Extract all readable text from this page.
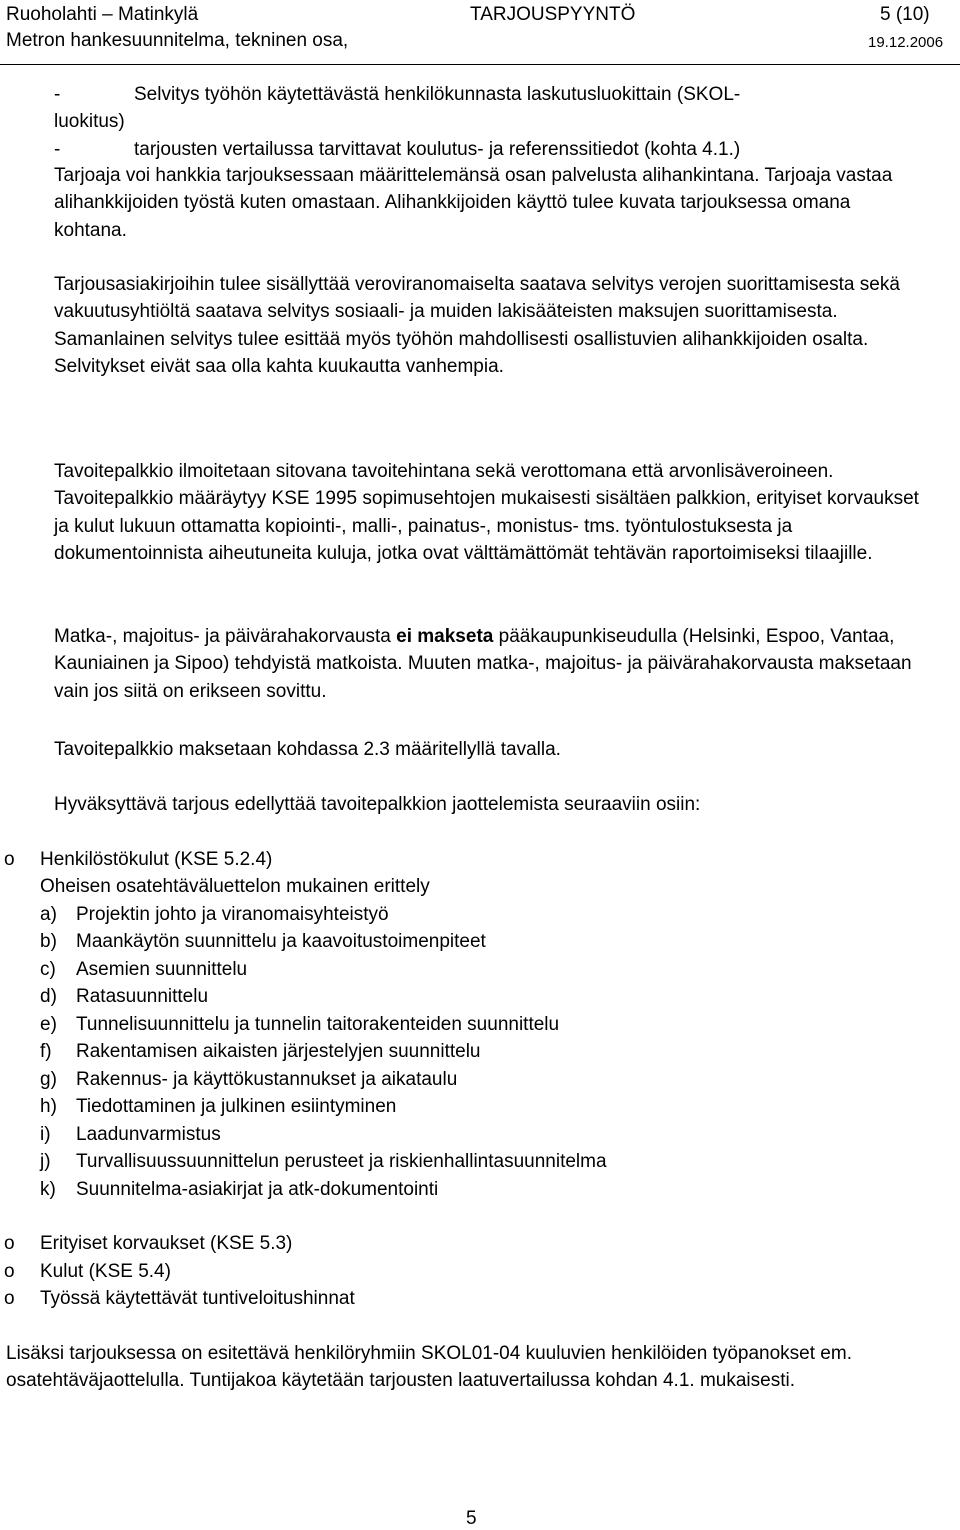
Ruoholahti – Matinkylä
Metron hankesuunnitelma, tekninen osa,
TARJOUSPYYNTÖ	5 (10)
19.12.2006
-	Selvitys työhön käytettävästä henkilökunnasta laskutusluokittain (SKOL-
luokitus)
-	tarjousten vertailussa tarvittavat koulutus- ja referenssitiedot (kohta 4.1.)
Tarjoaja voi hankkia tarjouksessaan määrittelemänsä osan palvelusta alihankintana. Tarjoaja vastaa alihankkijoiden työstä kuten omastaan. Alihankkijoiden käyttö tulee kuvata tarjouksessa omana kohtana.
Tarjousasiakirjoihin tulee sisällyttää veroviranomaiselta saatava selvitys verojen suorittamisesta sekä vakuutusyhtiöltä saatava selvitys sosiaali- ja muiden lakisääteisten maksujen suorittamisesta. Samanlainen selvitys tulee esittää myös työhön mahdollisesti osallistuvien alihankkijoiden osalta. Selvitykset eivät saa olla kahta kuukautta vanhempia.
Tavoitepalkkio ilmoitetaan sitovana tavoitehintana sekä verottomana että arvonlisäveroineen. Tavoitepalkkio määräytyy KSE 1995 sopimusehtojen mukaisesti sisältäen palkkion, erityiset korvaukset ja kulut lukuun ottamatta kopiointi-, malli-, painatus-, monistus- tms. työntulostuksesta ja dokumentoinnista aiheutuneita kuluja, jotka ovat välttämättömät tehtävän raportoimiseksi tilaajille.
Matka-, majoitus- ja päivärahakorvausta ei makseta pääkaupunkiseudulla (Helsinki, Espoo, Vantaa, Kauniainen ja Sipoo) tehdyistä matkoista. Muuten matka-, majoitus- ja päivärahakorvausta maksetaan vain jos siitä on erikseen sovittu.
Tavoitepalkkio maksetaan kohdassa 2.3 määritellyllä tavalla.
Hyväksyttävä tarjous edellyttää tavoitepalkkion jaottelemista seuraaviin osiin:
o Henkilöstökulut (KSE 5.2.4)
Oheisen osatehtäväluettelon mukainen erittely
a) Projektin johto ja viranomaisyhteistyö
b) Maankäytön suunnittelu ja kaavoitustoimenpiteet
c) Asemien suunnittelu
d) Ratasuunnittelu
e) Tunnelisuunnittelu ja tunnelin taitorakenteiden suunnittelu
f) Rakentamisen aikaisten järjestelyjen suunnittelu
g) Rakennus- ja käyttökustannukset ja aikataulu
h) Tiedottaminen ja julkinen esiintyminen
i) Laadunvarmistus
j) Turvallisuussuunnittelun perusteet ja riskienhallintasuunnitelma
k) Suunnitelma-asiakirjat ja atk-dokumentointi
o Erityiset korvaukset (KSE 5.3)
o Kulut (KSE 5.4)
o Työssä käytettävät tuntiveloitushinnat
Lisäksi tarjouksessa on esitettävä henkilöryhmiin SKOL01-04 kuuluvien henkilöiden työpanokset em. osatehtäväjaottelulla. Tuntijakoa käytetään tarjousten laatuvertailussa kohdan 4.1. mukaisesti.
5
